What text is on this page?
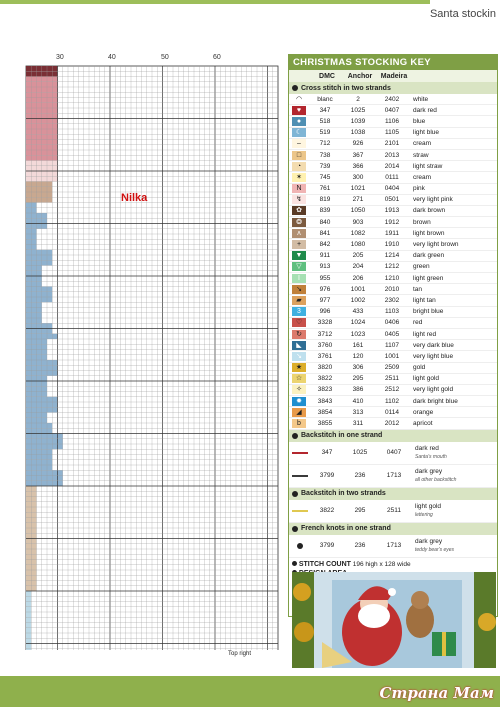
Santa stockin
30	40	50	60
Nilka
Top right
CHRISTMAS STOCKING KEY
DMC	Anchor	Madeira
Cross stitch in two strands
◠	blanc	2	2402	white
♥	347	1025	0407	dark red
●	518	1039	1106	blue
☾	519	1038	1105	light blue
–	712	926	2101	cream
□	738	367	2013	straw
◔	739	366	2014	light straw
✶	745	300	0111	cream
N	761	1021	0404	pink
↯	819	271	0501	very light pink
✿	839	1050	1913	dark brown
❂	840	903	1912	brown
ʌ	841	1082	1911	light brown
+	842	1080	1910	very light brown
▼	911	205	1214	dark green
▽	913	204	1212	green
I	955	206	1210	light green
↘	976	1001	2010	tan
▰	977	1002	2302	light tan
3	996	433	1103	bright blue
♡	3328	1024	0406	red
↻	3712	1023	0405	light red
◣	3760	161	1107	very dark blue
↘	3761	120	1001	very light blue
★	3820	306	2509	gold
☆	3822	295	2511	light gold
✧	3823	386	2512	very light gold
✹	3843	410	1102	dark bright blue
◢	3854	313	0114	orange
b	3855	311	2012	apricot
Backstitch in one strand
347	1025	0407
dark red
Santa's mouth
3799	236	1713
dark grey
all other backstitch
Backstitch in two strands
3822	295	2511
light gold
lettering
French knots in one strand
3799	236	1713
dark grey
teddy bear's eyes
STITCH COUNT 196 high x 128 wide
Страна Мам
